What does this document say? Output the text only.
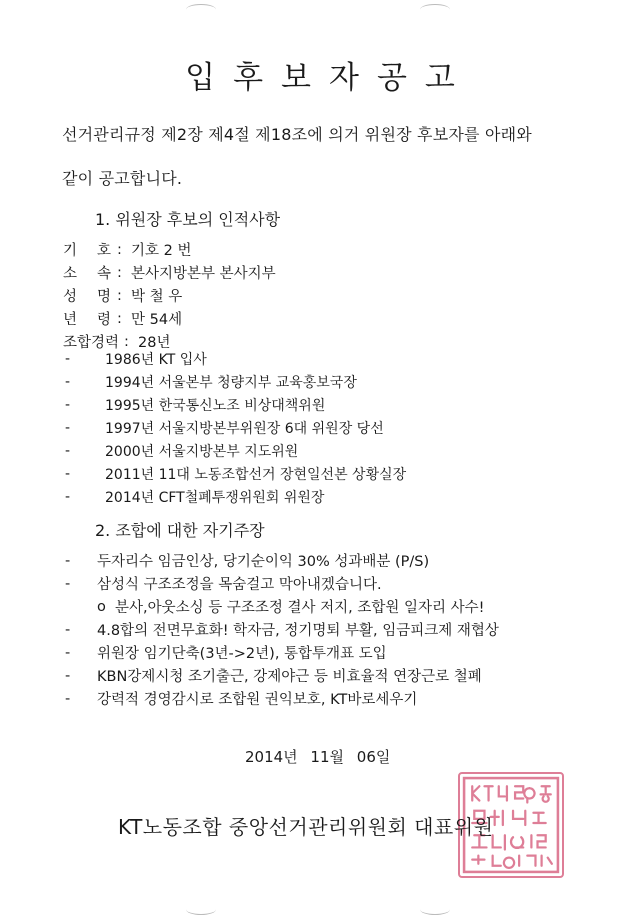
입후보자공고
선거관리규정 제2장 제4절 제18조에 의거 위원장 후보자를 아래와
같이 공고합니다.
1. 위원장 후보의 인적사항
기 호 : 기호 2 번
소 속 : 본사지방본부 본사지부
성 명 : 박 철 우
년 령 : 만 54세
조합경력 : 28년
-	1986년 KT 입사
-	1994년 서울본부 청량지부 교육홍보국장
-	1995년 한국통신노조 비상대책위원
-	1997년 서울지방본부위원장 6대 위원장 당선
-	2000년 서울지방본부 지도위원
-	2011년 11대 노동조합선거 장현일선본 상황실장
-	2014년 CFT철폐투쟁위원회 위원장
2. 조합에 대한 자기주장
-	두자리수 임금인상, 당기순이익 30% 성과배분 (P/S)
-	삼성식 구조조정을 목숨걸고 막아내겠습니다.
o 분사,아웃소싱 등 구조조정 결사 저지, 조합원 일자리 사수!
-	4.8합의 전면무효화! 학자금, 정기명퇴 부활, 임금피크제 재협상
-	위원장 임기단축(3년->2년), 통합투개표 도입
-	KBN강제시청 조기출근, 강제야근 등 비효율적 연장근로 철폐
-	강력적 경영감시로 조합원 권익보호, KT바로세우기
2014년 11월 06일
KT노동조합 중앙선거관리위원회 대표위원
